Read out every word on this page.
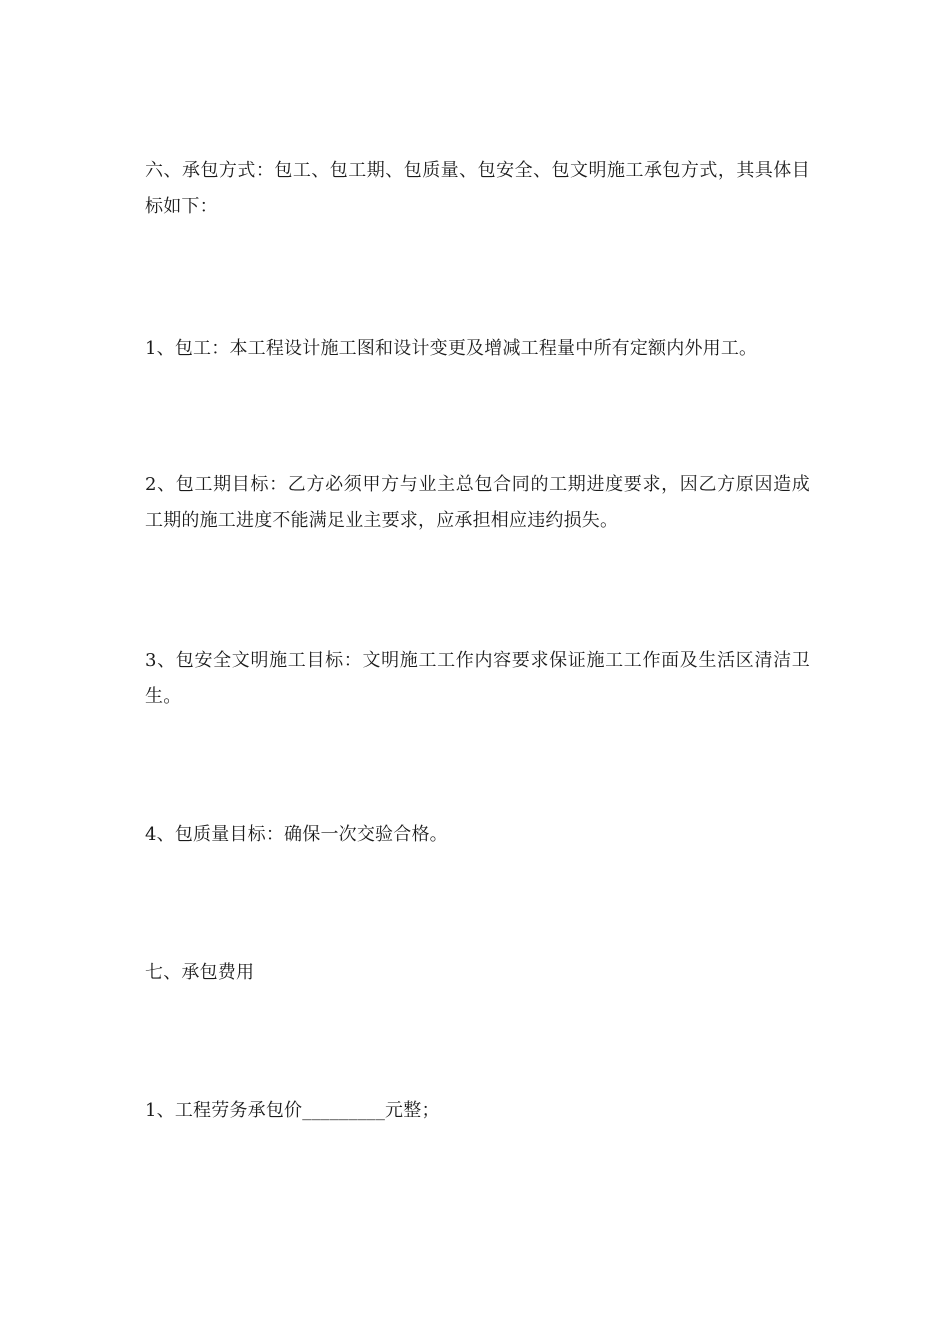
六、承包方式：包工、包工期、包质量、包安全、包文明施工承包方式，其具体目标如下：

1、包工：本工程设计施工图和设计变更及增减工程量中所有定额内外用工。

2、包工期目标：乙方必须甲方与业主总包合同的工期进度要求，因乙方原因造成工期的施工进度不能满足业主要求，应承担相应违约损失。

3、包安全文明施工目标：文明施工工作内容要求保证施工工作面及生活区清洁卫生。

4、包质量目标：确保一次交验合格。

七、承包费用

1、工程劳务承包价_________元整；
